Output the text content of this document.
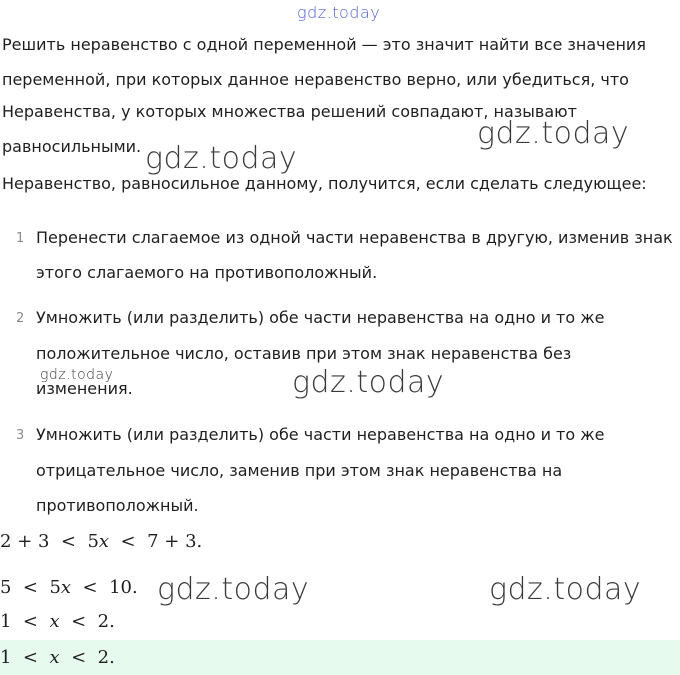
gdz.today

Решить неравенство с одной переменной — это значит найти все значения

переменной, при которых данное неравенство верно, или убедиться, что

Неравенства, у которых множества решений совпадают, называют

равносильными.

Неравенство, равносильное данному, получится, если сделать следующее:

1 Перенести слагаемое из одной части неравенства в другую, изменив знак
этого слагаемого на противоположный.
2 Умножить (или разделить) обе части неравенства на одно и то же
положительное число, оставив при этом знак неравенства без
изменения.
3 Умножить (или разделить) обе части неравенства на одно и то же
отрицательное число, заменив при этом знак неравенства на
противоположный.
2 + 3 < 5x < 7 + 3.
5 < 5x < 10.
1 < x < 2.
1 < x < 2.
gdz.today
gdz.today
gdz.today	gdz.today
gdz.today	gdz.today
